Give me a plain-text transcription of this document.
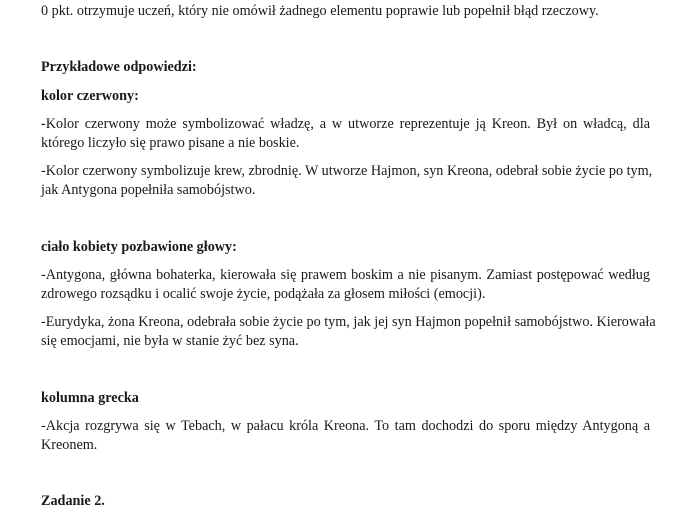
0 pkt. otrzymuje uczeń, który nie omówił żadnego elementu poprawie lub popełnił błąd rzeczowy.
Przykładowe odpowiedzi:
kolor czerwony:
-Kolor czerwony może symbolizować władzę, a w utworze reprezentuje ją Kreon. Był on władcą, dla
którego liczyło się prawo pisane a nie boskie.
-Kolor czerwony symbolizuje krew, zbrodnię. W utworze Hajmon, syn Kreona, odebrał sobie życie po tym,
jak Antygona popełniła samobójstwo.
ciało kobiety pozbawione głowy:
-Antygona, główna bohaterka, kierowała się prawem boskim a nie pisanym. Zamiast postępować według
zdrowego rozsądku i ocalić swoje życie, podążała za głosem miłości (emocji).
-Eurydyka, żona Kreona, odebrała sobie życie po tym, jak jej syn Hajmon popełnił samobójstwo. Kierowała
się emocjami, nie była w stanie żyć bez syna.
kolumna grecka
-Akcja rozgrywa się w Tebach, w pałacu króla Kreona. To tam dochodzi do sporu między Antygoną a
Kreonem.
Zadanie 2.
